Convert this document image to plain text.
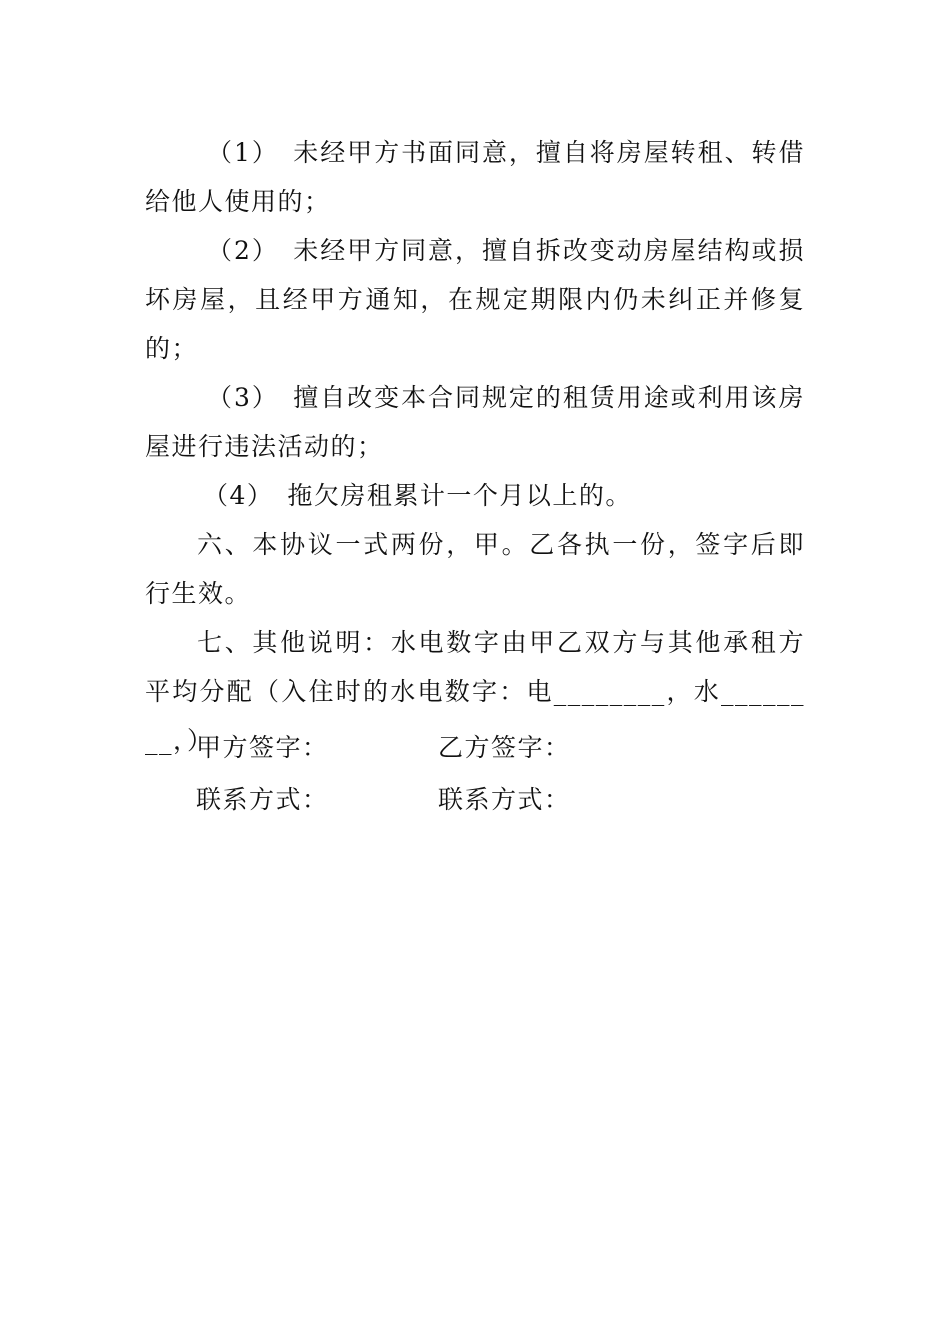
（1）　未经甲方书面同意，擅自将房屋转租、转借给他人使用的；

（2）　未经甲方同意，擅自拆改变动房屋结构或损坏房屋，且经甲方通知，在规定期限内仍未纠正并修复的；

（3）　擅自改变本合同规定的租赁用途或利用该房屋进行违法活动的；

（4）　拖欠房租累计一个月以上的。

六、本协议一式两份，甲。乙各执一份，签字后即行生效。

七、其他说明：水电数字由甲乙双方与其他承租方平均分配（入住时的水电数字：电________，水________，）

甲方签字：	乙方签字：
联系方式：	联系方式：
